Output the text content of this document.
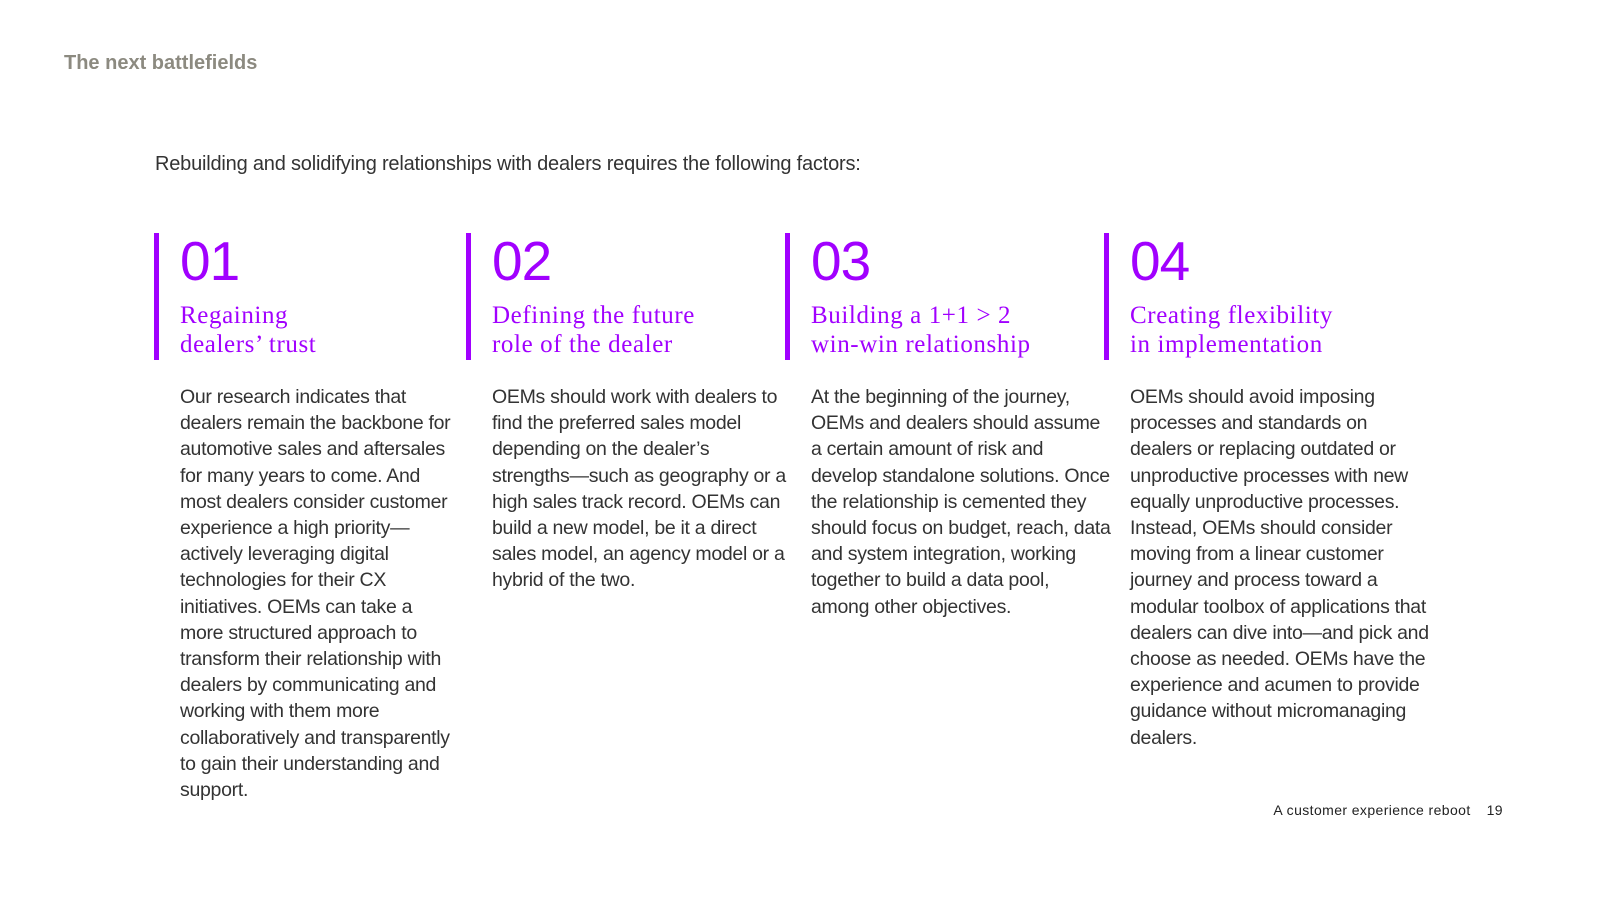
The next battlefields
Rebuilding and solidifying relationships with dealers requires the following factors:
01
Regaining
dealers’ trust
Our research indicates that dealers remain the backbone for automotive sales and aftersales for many years to come. And most dealers consider customer experience a high priority—actively leveraging digital technologies for their CX initiatives. OEMs can take a more structured approach to transform their relationship with dealers by communicating and working with them more collaboratively and transparently to gain their understanding and support.
02
Defining the future
role of the dealer
OEMs should work with dealers to find the preferred sales model depending on the dealer’s strengths—such as geography or a high sales track record. OEMs can build a new model, be it a direct sales model, an agency model or a hybrid of the two.
03
Building a 1+1 > 2
win-win relationship
At the beginning of the journey, OEMs and dealers should assume a certain amount of risk and develop standalone solutions. Once the relationship is cemented they should focus on budget, reach, data and system integration, working together to build a data pool, among other objectives.
04
Creating flexibility
in implementation
OEMs should avoid imposing processes and standards on dealers or replacing outdated or unproductive processes with new equally unproductive processes. Instead, OEMs should consider moving from a linear customer journey and process toward a modular toolbox of applications that dealers can dive into—and pick and choose as needed. OEMs have the experience and acumen to provide guidance without micromanaging dealers.
A customer experience reboot 19
